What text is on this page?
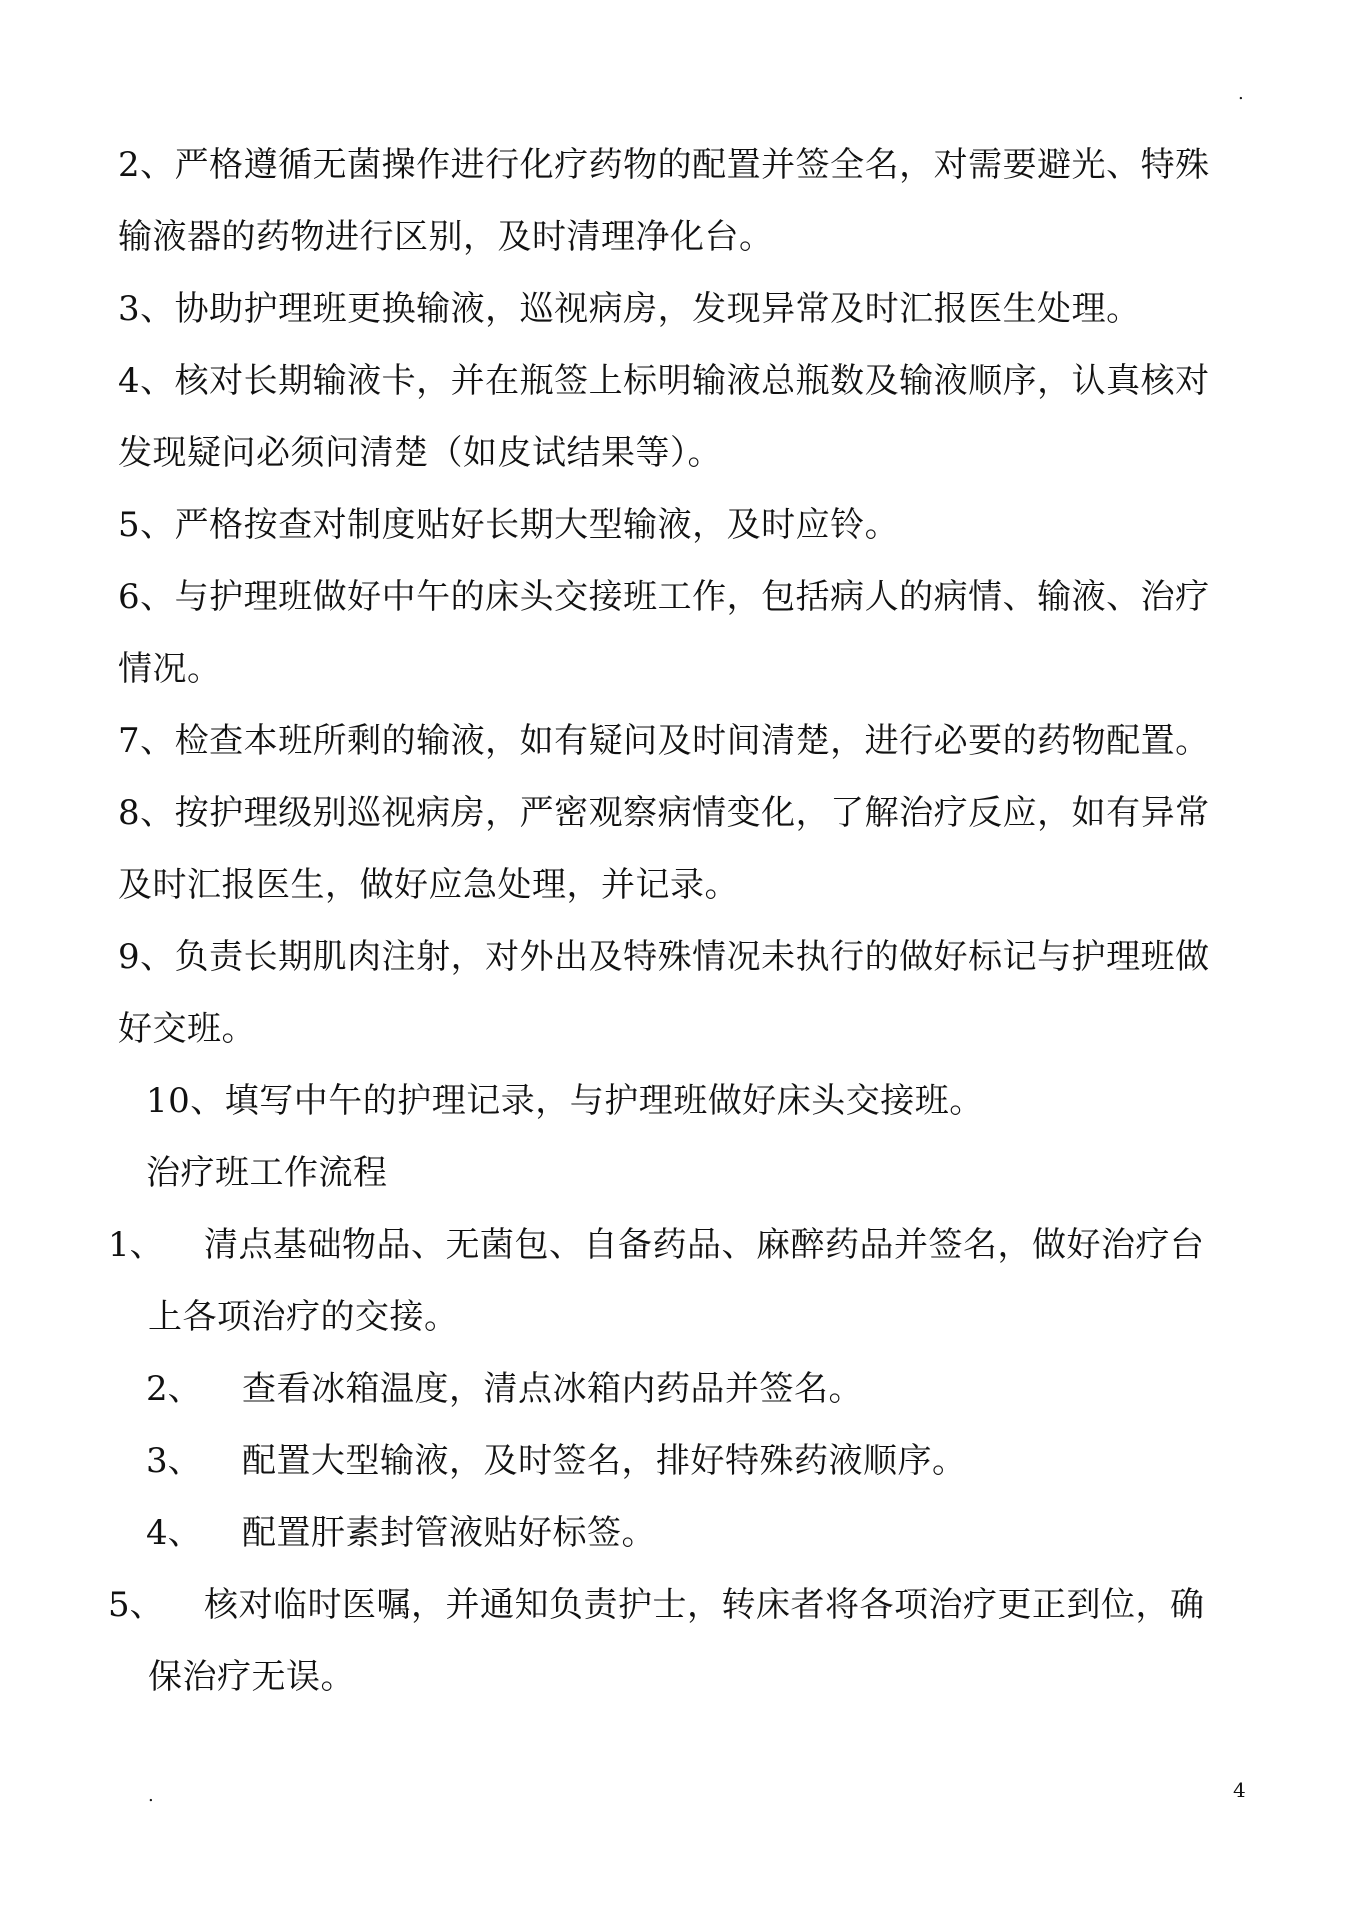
.
2、严格遵循无菌操作进行化疗药物的配置并签全名，对需要避光、特殊
输液器的药物进行区别，及时清理净化台。
3、协助护理班更换输液，巡视病房，发现异常及时汇报医生处理。
4、核对长期输液卡，并在瓶签上标明输液总瓶数及输液顺序，认真核对
发现疑问必须问清楚（如皮试结果等）。
5、严格按查对制度贴好长期大型输液，及时应铃。
6、与护理班做好中午的床头交接班工作，包括病人的病情、输液、治疗
情况。
7、检查本班所剩的输液，如有疑问及时间清楚，进行必要的药物配置。
8、按护理级别巡视病房，严密观察病情变化，了解治疗反应，如有异常
及时汇报医生，做好应急处理，并记录。
9、负责长期肌肉注射，对外出及特殊情况未执行的做好标记与护理班做
好交班。
10、填写中午的护理记录，与护理班做好床头交接班。
治疗班工作流程
1、 清点基础物品、无菌包、自备药品、麻醉药品并签名，做好治疗台
上各项治疗的交接。
2、 查看冰箱温度，清点冰箱内药品并签名。
3、 配置大型输液，及时签名，排好特殊药液顺序。
4、 配置肝素封管液贴好标签。
5、 核对临时医嘱，并通知负责护士，转床者将各项治疗更正到位，确
保治疗无误。
.	4
